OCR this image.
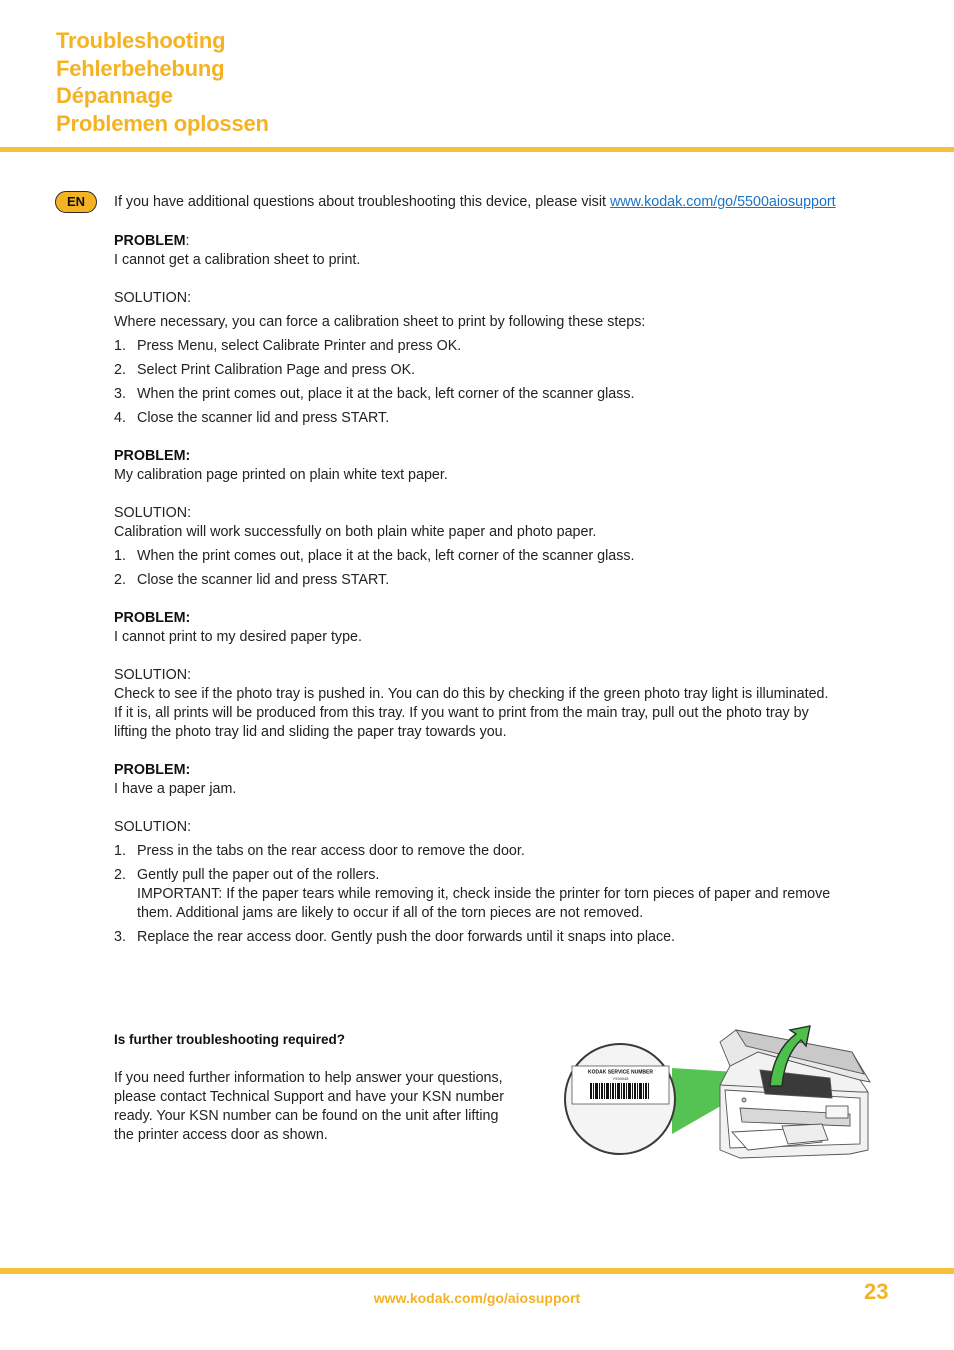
Troubleshooting
Fehlerbehebung
Dépannage
Problemen oplossen
EN	If you have additional questions about troubleshooting this device, please visit www.kodak.com/go/5500aiosupport

PROBLEM:

I cannot get a calibration sheet to print.

SOLUTION:

Where necessary, you can force a calibration sheet to print by following these steps:

1. Press Menu, select Calibrate Printer and press OK.
2. Select Print Calibration Page and press OK.
3. When the print comes out, place it at the back, left corner of the scanner glass.
4. Close the scanner lid and press START.

PROBLEM:

My calibration page printed on plain white text paper.

SOLUTION:

Calibration will work successfully on both plain white paper and photo paper.

1. When the print comes out, place it at the back, left corner of the scanner glass.
2. Close the scanner lid and press START.

PROBLEM:

I cannot print to my desired paper type.

SOLUTION:

Check to see if the photo tray is pushed in. You can do this by checking if the green photo tray light is illuminated.

If it is, all prints will be produced from this tray. If you want to print from the main tray, pull out the photo tray by

lifting the photo tray lid and sliding the paper tray towards you.

PROBLEM:

I have a paper jam.

SOLUTION:

1. Press in the tabs on the rear access door to remove the door.
2. Gently pull the paper out of the rollers.
IMPORTANT: If the paper tears while removing it, check inside the printer for torn pieces of paper and remove
them. Additional jams are likely to occur if all of the torn pieces are not removed.
3. Replace the rear access door. Gently push the door forwards until it snaps into place.

Is further troubleshooting required?

If you need further information to help answer your questions,

please contact Technical Support and have your KSN number

ready. Your KSN number can be found on the unit after lifting

the printer access door as shown.

KODAK SERVICE NUMBER
Y930048
www.kodak.com/go/aiosupport	23
